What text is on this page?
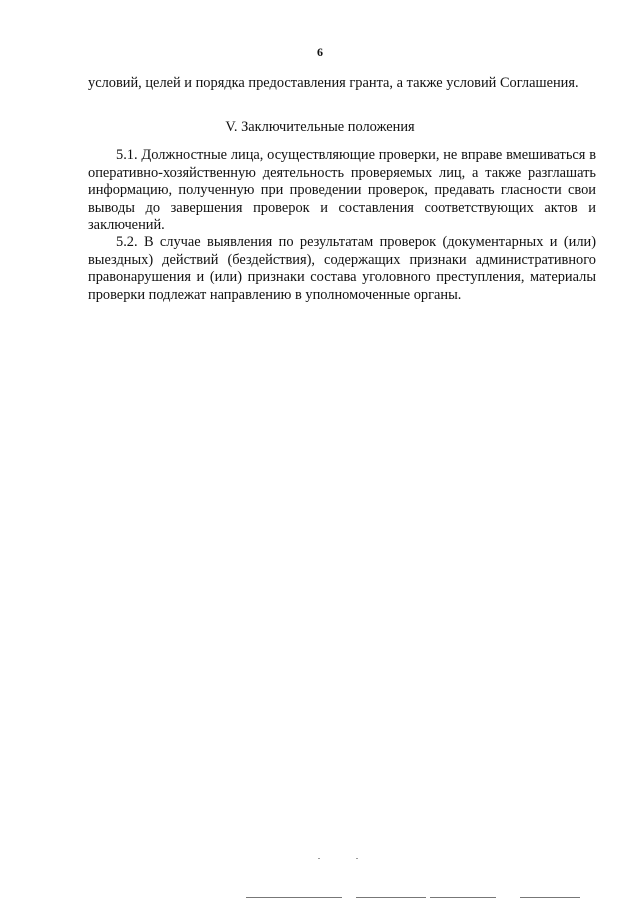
6
условий, целей и порядка предоставления гранта, а также условий Соглашения.
V. Заключительные положения
5.1. Должностные лица, осуществляющие проверки, не вправе вмешиваться в оперативно-хозяйственную деятельность проверяемых лиц, а также разглашать информацию, полученную при проведении проверок, предавать гласности свои выводы до завершения проверок и составления соответствующих актов и заключений.
5.2. В случае выявления по результатам проверок (документарных и (или) выездных) действий (бездействия), содержащих признаки административного правонарушения и (или) признаки состава уголовного преступления, материалы проверки подлежат направлению в уполномоченные органы.
